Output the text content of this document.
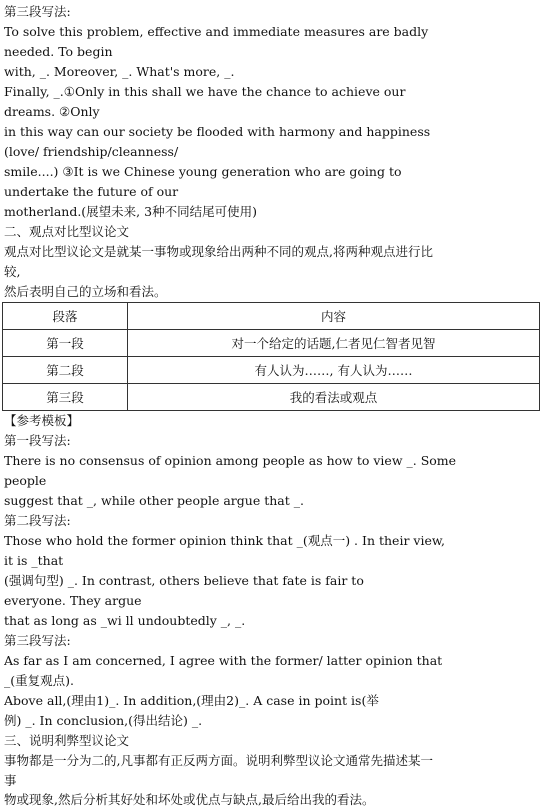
第三段写法:
To solve this problem, effective and immediate measures are badly
needed. To begin
with, _. Moreover, _. What's more, _.
Finally, _.①Only in this shall we have the chance to achieve our
dreams. ②Only
in this way can our society be flooded with harmony and happiness
(love/ friendship/cleanness/
smile....) ③It is we Chinese young generation who are going to
undertake the future of our
motherland.(展望未来, 3种不同结尾可使用)
二、观点对比型议论文
观点对比型议论文是就某一事物或现象给出两种不同的观点,将两种观点进行比
较,
然后表明自己的立场和看法。
段落	内容
第一段	对一个给定的话题,仁者见仁智者见智
第二段	有人认为……, 有人认为……
第三段	我的看法或观点
【参考模板】
第一段写法:
There is no consensus of opinion among people as how to view _. Some
people
suggest that _, while other people argue that _.
第二段写法:
Those who hold the former opinion think that _(观点一) . In their view,
it is _that
(强调句型) _. In contrast, others believe that fate is fair to
everyone. They argue
that as long as _wi ll undoubtedly _, _.
第三段写法:
As far as I am concerned, I agree with the former/ latter opinion that
_(重复观点).
Above all,(理由1)_. In addition,(理由2)_. A case in point is(举
例) _. In conclusion,(得出结论) _.
三、说明利弊型议论文
事物都是一分为二的,凡事都有正反两方面。说明利弊型议论文通常先描述某一
事
物或现象,然后分析其好处和坏处或优点与缺点,最后给出我的看法。
